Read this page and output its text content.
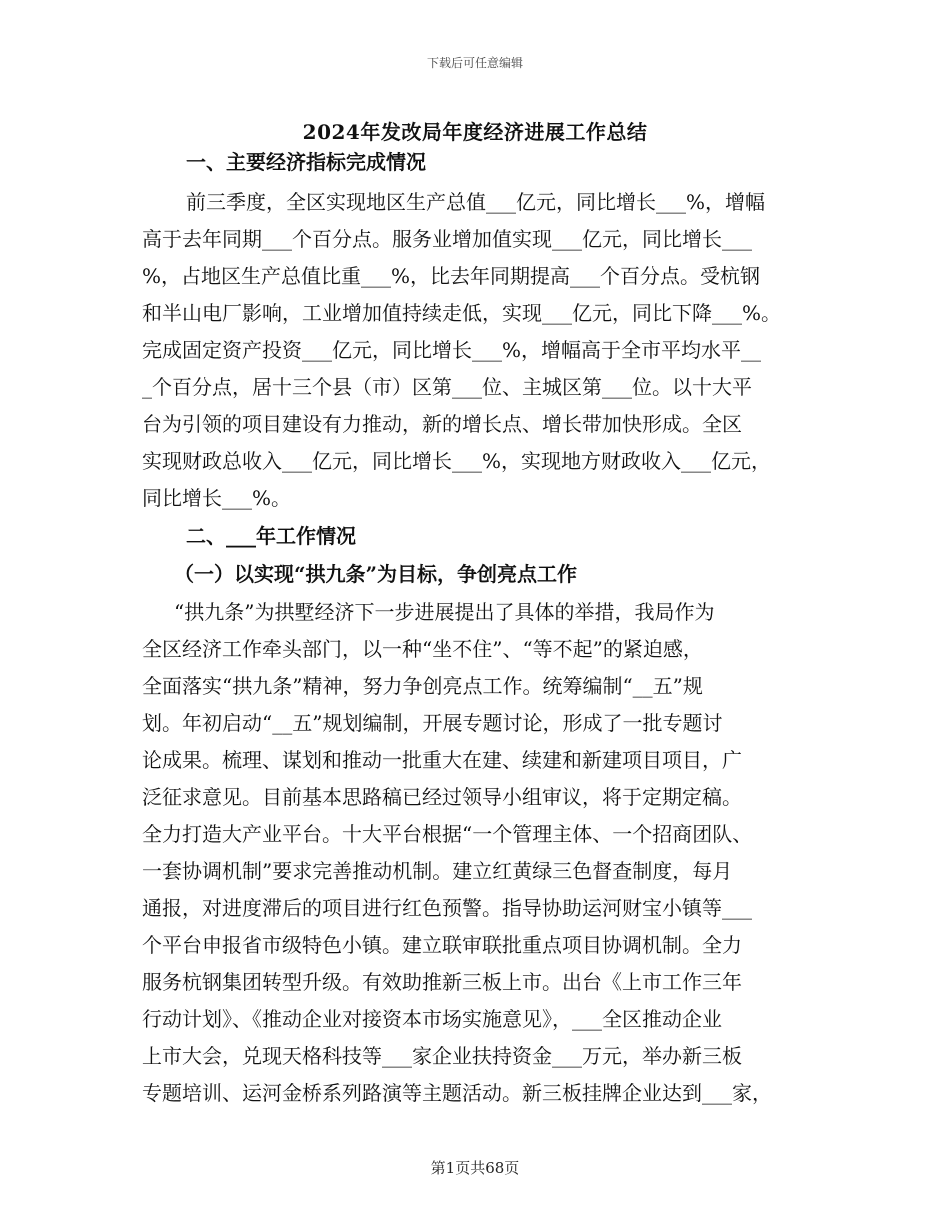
下载后可任意编辑
2024年发改局年度经济进展工作总结
一、主要经济指标完成情况
前三季度，全区实现地区生产总值___亿元，同比增长___%，增幅
高于去年同期___个百分点。服务业增加值实现___亿元，同比增长___
%，占地区生产总值比重___%，比去年同期提高___个百分点。受杭钢
和半山电厂影响，工业增加值持续走低，实现___亿元，同比下降___%。
完成固定资产投资___亿元，同比增长___%，增幅高于全市平均水平__
_个百分点，居十三个县（市）区第___位、主城区第___位。以十大平
台为引领的项目建设有力推动，新的增长点、增长带加快形成。全区
实现财政总收入___亿元，同比增长___%，实现地方财政收入___亿元，
同比增长___%。
二、___年工作情况
（一）以实现“拱九条”为目标，争创亮点工作
“拱九条”为拱墅经济下一步进展提出了具体的举措，我局作为
全区经济工作牵头部门，以一种“坐不住”、“等不起”的紧迫感，
全面落实“拱九条”精神，努力争创亮点工作。统筹编制“__五”规
划。年初启动“__五”规划编制，开展专题讨论，形成了一批专题讨
论成果。梳理、谋划和推动一批重大在建、续建和新建项目项目，广
泛征求意见。目前基本思路稿已经过领导小组审议，将于定期定稿。
全力打造大产业平台。十大平台根据“一个管理主体、一个招商团队、
一套协调机制”要求完善推动机制。建立红黄绿三色督查制度，每月
通报，对进度滞后的项目进行红色预警。指导协助运河财宝小镇等___
个平台申报省市级特色小镇。建立联审联批重点项目协调机制。全力
服务杭钢集团转型升级。有效助推新三板上市。出台《上市工作三年
行动计划》、《推动企业对接资本市场实施意见》，___全区推动企业
上市大会，兑现天格科技等___家企业扶持资金___万元，举办新三板
专题培训、运河金桥系列路演等主题活动。新三板挂牌企业达到___家，
第1页共68页
